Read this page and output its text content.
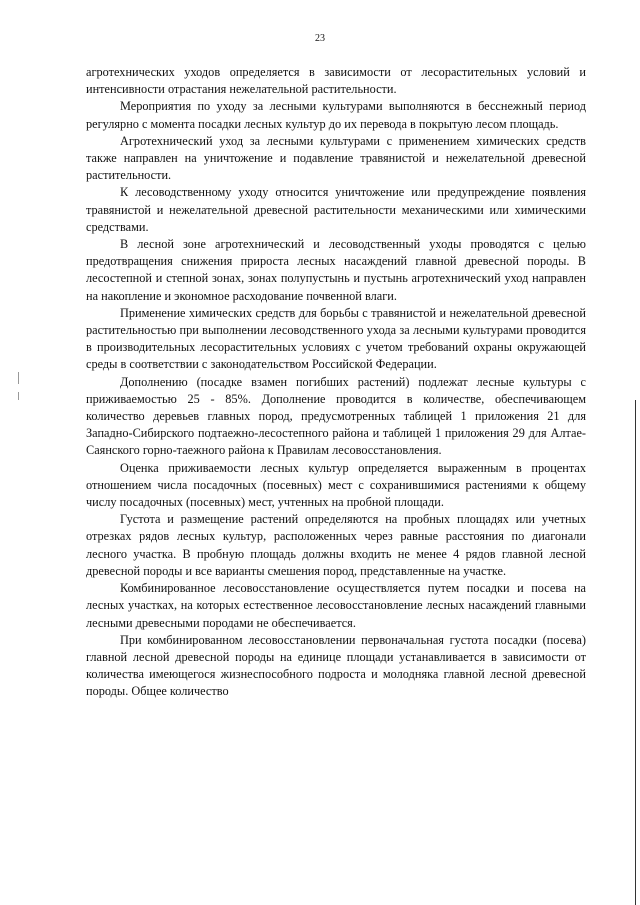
23

агротехнических уходов определяется в зависимости от лесорастительных условий и интенсивности отрастания нежелательной растительности.

Мероприятия по уходу за лесными культурами выполняются в бесснежный период регулярно с момента посадки лесных культур до их перевода в покрытую лесом площадь.

Агротехнический уход за лесными культурами с применением химических средств также направлен на уничтожение и подавление травянистой и нежелательной древесной растительности.

К лесоводственному уходу относится уничтожение или предупреждение появления травянистой и нежелательной древесной растительности механическими или химическими средствами.

В лесной зоне агротехнический и лесоводственный уходы проводятся с целью предотвращения снижения прироста лесных насаждений главной древесной породы. В лесостепной и степной зонах, зонах полупустынь и пустынь агротехнический уход направлен на накопление и экономное расходование почвенной влаги.

Применение химических средств для борьбы с травянистой и нежелательной древесной растительностью при выполнении лесоводственного ухода за лесными культурами проводится в производительных лесорастительных условиях с учетом требований охраны окружающей среды в соответствии с законодательством Российской Федерации.

Дополнению (посадке взамен погибших растений) подлежат лесные культуры с приживаемостью 25 - 85%. Дополнение проводится в количестве, обеспечивающем количество деревьев главных пород, предусмотренных таблицей 1 приложения 21 для Западно-Сибирского подтаежно-лесостепного района и таблицей 1 приложения 29 для Алтае-Саянского горно-таежного района к Правилам лесовосстановления.

Оценка приживаемости лесных культур определяется выраженным в процентах отношением числа посадочных (посевных) мест с сохранившимися растениями к общему числу посадочных (посевных) мест, учтенных на пробной площади.

Густота и размещение растений определяются на пробных площадях или учетных отрезках рядов лесных культур, расположенных через равные расстояния по диагонали лесного участка. В пробную площадь должны входить не менее 4 рядов главной лесной древесной породы и все варианты смешения пород, представленные на участке.

Комбинированное лесовосстановление осуществляется путем посадки и посева на лесных участках, на которых естественное лесовосстановление лесных насаждений главными лесными древесными породами не обеспечивается.

При комбинированном лесовосстановлении первоначальная густота посадки (посева) главной лесной древесной породы на единице площади устанавливается в зависимости от количества имеющегося жизнеспособного подроста и молодняка главной лесной древесной породы. Общее количество
